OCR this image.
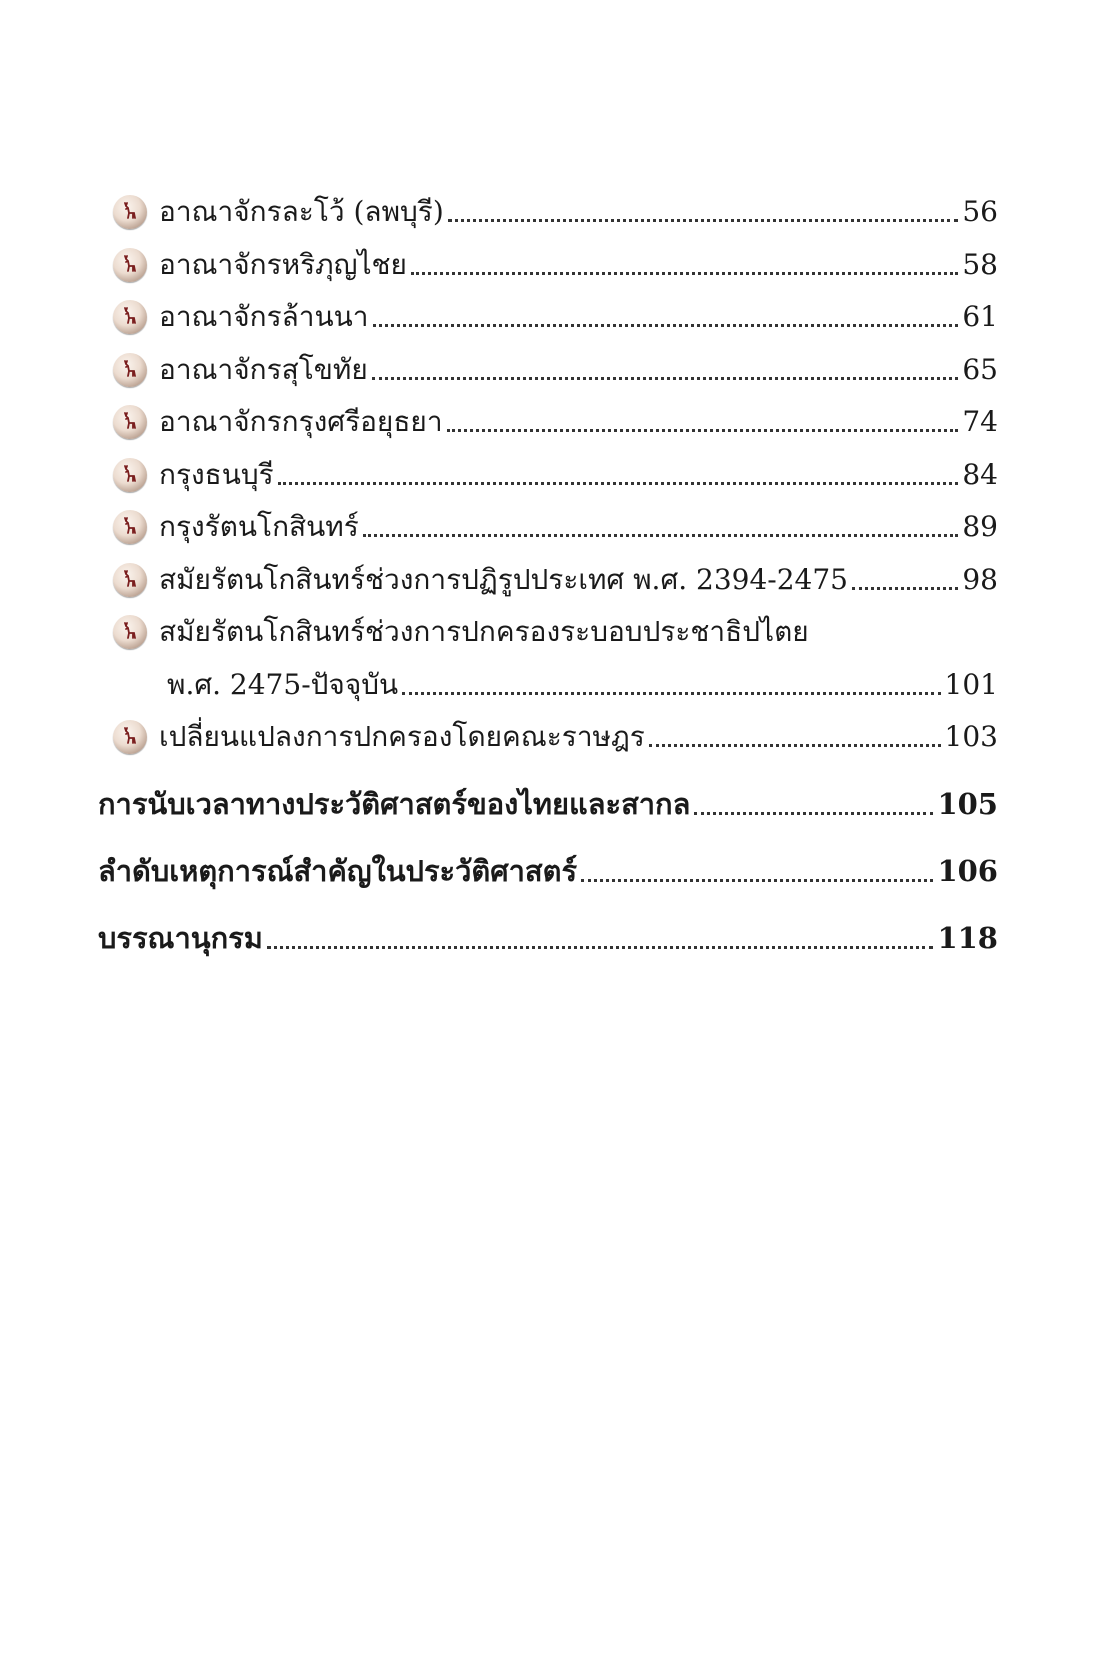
อาณาจักรละโว้ (ลพบุรี)	56
อาณาจักรหริภุญไชย	58
อาณาจักรล้านนา	61
อาณาจักรสุโขทัย	65
อาณาจักรกรุงศรีอยุธยา	74
กรุงธนบุรี	84
กรุงรัตนโกสินทร์	89
สมัยรัตนโกสินทร์ช่วงการปฏิรูปประเทศ พ.ศ. 2394-2475	98
สมัยรัตนโกสินทร์ช่วงการปกครองระบอบประชาธิปไตย
พ.ศ. 2475-ปัจจุบัน	101
เปลี่ยนแปลงการปกครองโดยคณะราษฎร	103
การนับเวลาทางประวัติศาสตร์ของไทยและสากล	105
ลำดับเหตุการณ์สำคัญในประวัติศาสตร์	106
บรรณานุกรม	118
